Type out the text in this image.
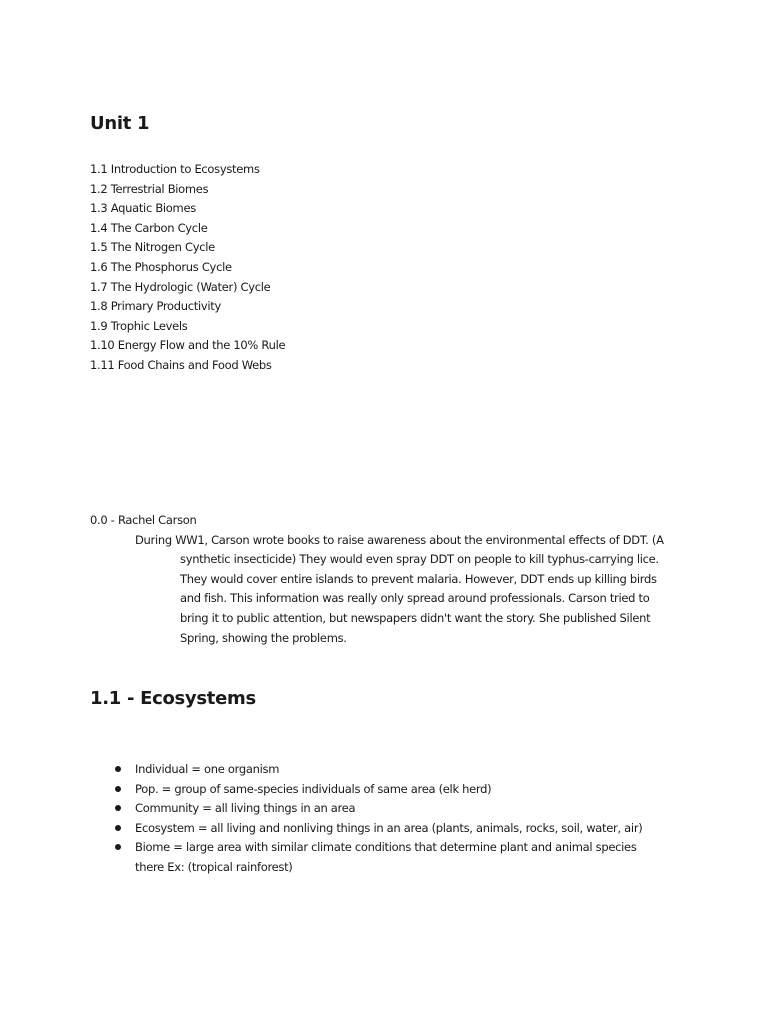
Unit 1
1.1 Introduction to Ecosystems
1.2 Terrestrial Biomes
1.3 Aquatic Biomes
1.4 The Carbon Cycle
1.5 The Nitrogen Cycle
1.6 The Phosphorus Cycle
1.7 The Hydrologic (Water) Cycle
1.8 Primary Productivity
1.9 Trophic Levels
1.10 Energy Flow and the 10% Rule
1.11 Food Chains and Food Webs
0.0 - Rachel Carson

During WW1, Carson wrote books to raise awareness about the environmental effects of DDT. (A synthetic insecticide) They would even spray DDT on people to kill typhus-carrying lice. They would cover entire islands to prevent malaria. However, DDT ends up killing birds and fish. This information was really only spread around professionals. Carson tried to bring it to public attention, but newspapers didn't want the story. She published Silent Spring, showing the problems.

1.1 - Ecosystems
Individual = one organism
Pop. = group of same-species individuals of same area (elk herd)
Community = all living things in an area
Ecosystem = all living and nonliving things in an area (plants, animals, rocks, soil, water, air)
Biome = large area with similar climate conditions that determine plant and animal species there Ex: (tropical rainforest)
